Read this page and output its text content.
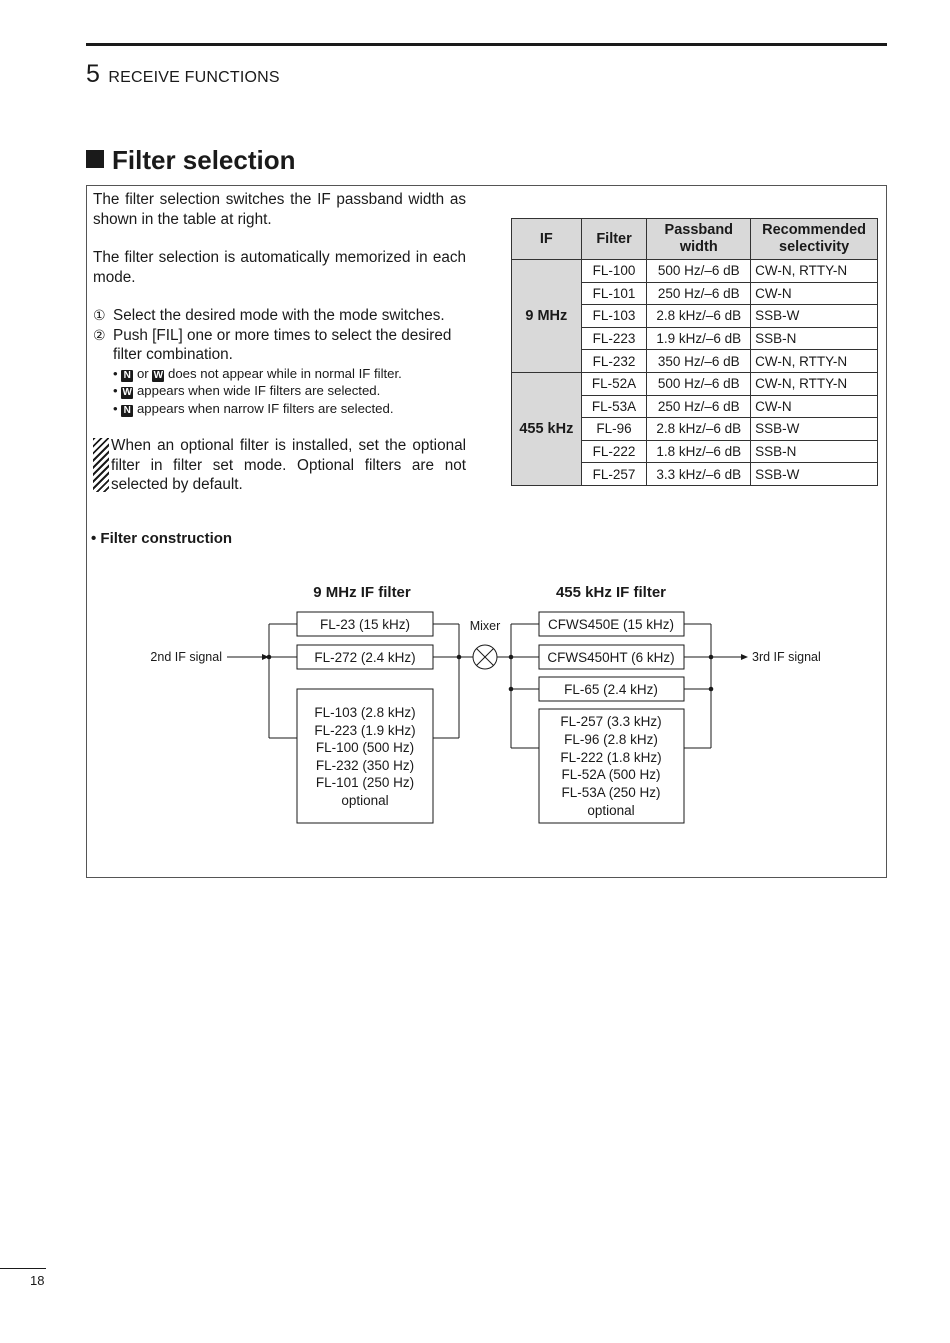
5 RECEIVE FUNCTIONS
Filter selection

The filter selection switches the IF passband width as shown in the table at right.

The filter selection is automatically memorized in each mode.

① Select the desired mode with the mode switches.
② Push [FIL] one or more times to select the desired filter combination.
• N or W does not appear while in normal IF filter.
• W appears when wide IF filters are selected.
• N appears when narrow IF filters are selected.

When an optional filter is installed, set the optional filter in filter set mode. Optional filters are not selected by default.

IF	Filter	Passband width	Recommended selectivity
9 MHz	FL-100	500 Hz/–6 dB	CW-N, RTTY-N
	FL-101	250 Hz/–6 dB	CW-N
	FL-103	2.8 kHz/–6 dB	SSB-W
	FL-223	1.9 kHz/–6 dB	SSB-N
	FL-232	350 Hz/–6 dB	CW-N, RTTY-N
455 kHz	FL-52A	500 Hz/–6 dB	CW-N, RTTY-N
	FL-53A	250 Hz/–6 dB	CW-N
	FL-96	2.8 kHz/–6 dB	SSB-W
	FL-222	1.8 kHz/–6 dB	SSB-N
	FL-257	3.3 kHz/–6 dB	SSB-W
• Filter construction
9 MHz IF filter	455 kHz IF filter
2nd IF signal	3rd IF signal
Mixer
FL-23 (15 kHz)
FL-272 (2.4 kHz)
FL-103 (2.8 kHz)
FL-223 (1.9 kHz)
FL-100 (500 Hz)
FL-232 (350 Hz)
FL-101 (250 Hz)
optional
CFWS450E (15 kHz)
CFWS450HT (6 kHz)
FL-65 (2.4 kHz)
FL-257 (3.3 kHz)
FL-96 (2.8 kHz)
FL-222 (1.8 kHz)
FL-52A (500 Hz)
FL-53A (250 Hz)
optional
18
